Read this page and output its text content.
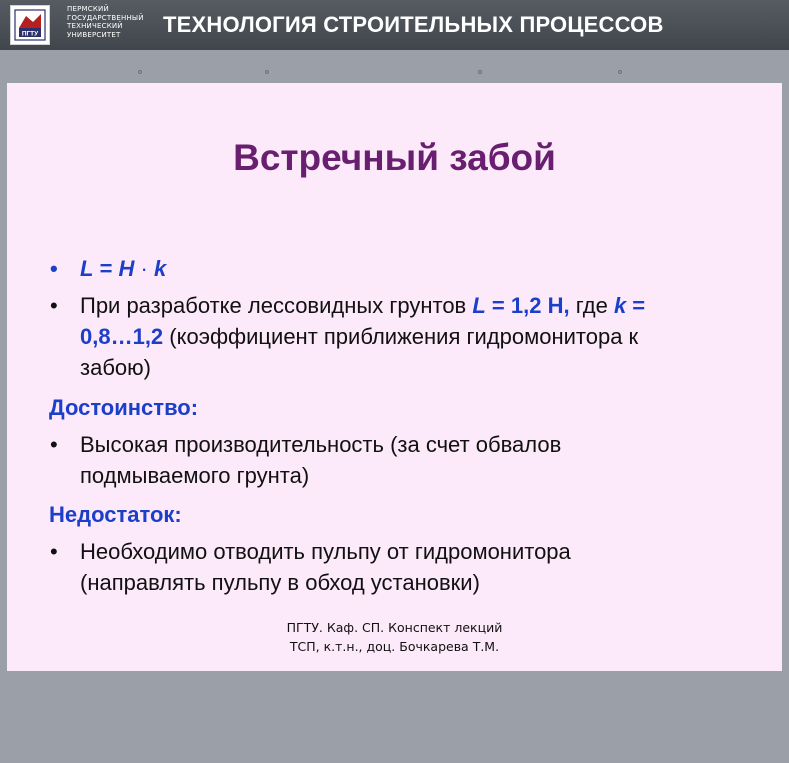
ПГТУ
ПЕРМСКИЙ
ГОСУДАРСТВЕННЫЙ
ТЕХНИЧЕСКИЙ
УНИВЕРСИТЕТ	ТЕХНОЛОГИЯ СТРОИТЕЛЬНЫХ ПРОЦЕССОВ
Встречный забой
• L = H · k
• При разработке лессовидных грунтов L = 1,2 Н, где k =
0,8…1,2 (коэффициент приближения гидромонитора к
забою)
Достоинство:
• Высокая производительность (за счет обвалов
подмываемого грунта)
Недостаток:
• Необходимо отводить пульпу от гидромонитора
(направлять пульпу в обход установки)
ПГТУ. Каф. СП. Конспект лекций
ТСП, к.т.н., доц. Бочкарева Т.М.
